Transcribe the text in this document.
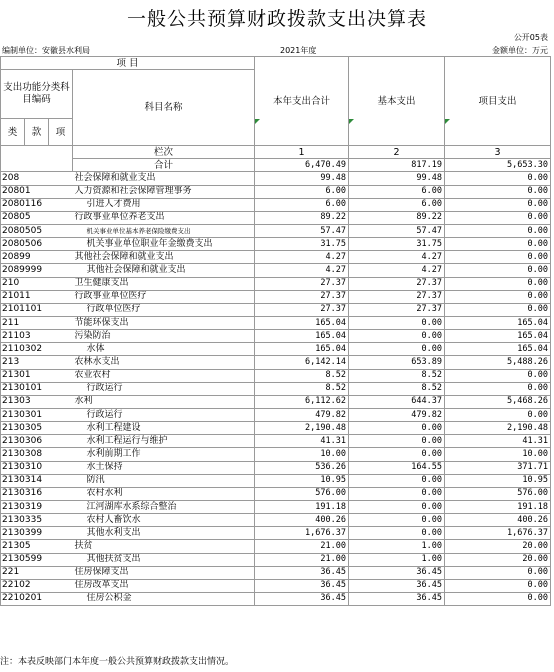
一般公共预算财政拨款支出决算表
公开05表
编制单位：安徽县水利局	2021年度	金额单位：万元
项 目				本年支出合计	基本支出	项目支出
支出功能分类科目编码			科目名称			
类	款	项				
			栏次	1	2	3
			合计	6,470.49	817.19	5,653.30
208			社会保障和就业支出	99.48	99.48	0.00
20801			人力资源和社会保障管理事务	6.00	6.00	0.00
2080116			引进人才费用	6.00	6.00	0.00
20805			行政事业单位养老支出	89.22	89.22	0.00
2080505			机关事业单位基本养老保险缴费支出	57.47	57.47	0.00
2080506			机关事业单位职业年金缴费支出	31.75	31.75	0.00
20899			其他社会保障和就业支出	4.27	4.27	0.00
2089999			其他社会保障和就业支出	4.27	4.27	0.00
210			卫生健康支出	27.37	27.37	0.00
21011			行政事业单位医疗	27.37	27.37	0.00
2101101			行政单位医疗	27.37	27.37	0.00
211			节能环保支出	165.04	0.00	165.04
21103			污染防治	165.04	0.00	165.04
2110302			水体	165.04	0.00	165.04
213			农林水支出	6,142.14	653.89	5,488.26
21301			农业农村	8.52	8.52	0.00
2130101			行政运行	8.52	8.52	0.00
21303			水利	6,112.62	644.37	5,468.26
2130301			行政运行	479.82	479.82	0.00
2130305			水利工程建设	2,190.48	0.00	2,190.48
2130306			水利工程运行与维护	41.31	0.00	41.31
2130308			水利前期工作	10.00	0.00	10.00
2130310			水土保持	536.26	164.55	371.71
2130314			防汛	10.95	0.00	10.95
2130316			农村水利	576.00	0.00	576.00
2130319			江河湖库水系综合整治	191.18	0.00	191.18
2130335			农村人畜饮水	400.26	0.00	400.26
2130399			其他水利支出	1,676.37	0.00	1,676.37
21305			扶贫	21.00	1.00	20.00
2130599			其他扶贫支出	21.00	1.00	20.00
221			住房保障支出	36.45	36.45	0.00
22102			住房改革支出	36.45	36.45	0.00
2210201			住房公积金	36.45	36.45	0.00
注：本表反映部门本年度一般公共预算财政拨款支出情况。
